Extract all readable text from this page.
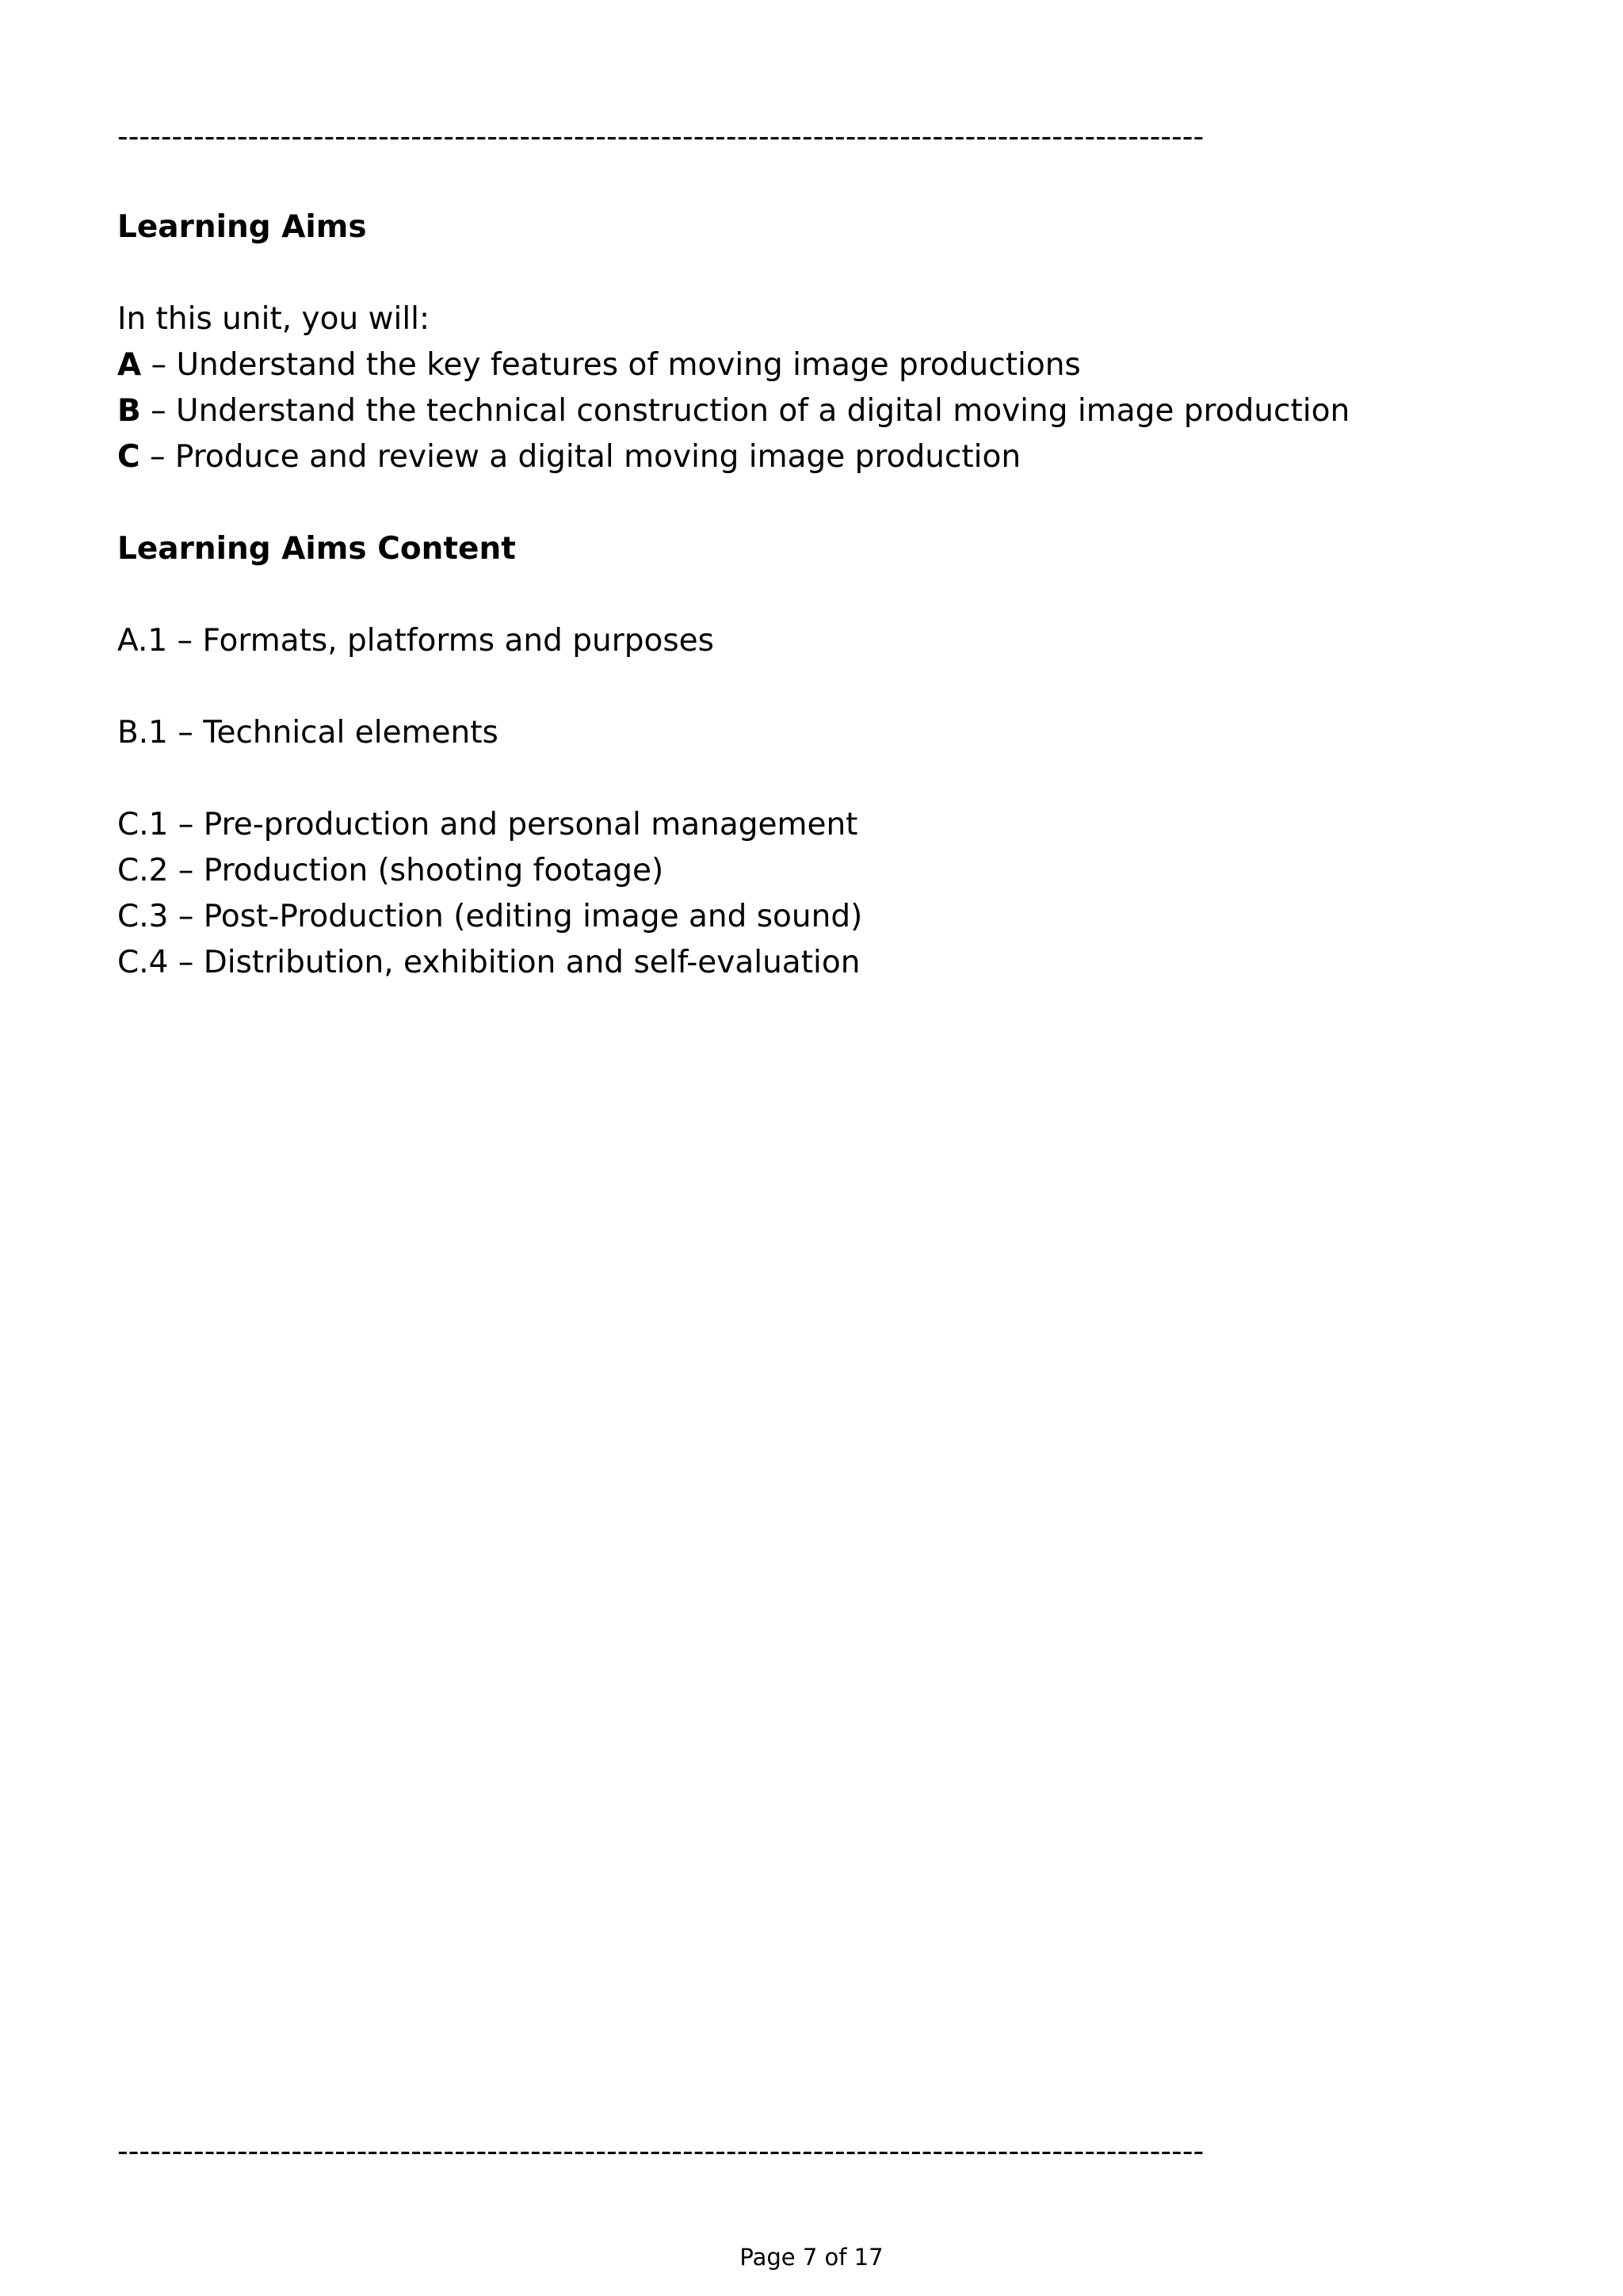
----------------------------------------------------------------------------------------------------

Learning Aims

In this unit, you will:

A – Understand the key features of moving image productions

B – Understand the technical construction of a digital moving image production

C – Produce and review a digital moving image production

Learning Aims Content

A.1 – Formats, platforms and purposes

B.1 – Technical elements

C.1 – Pre-production and personal management

C.2 – Production (shooting footage)

C.3 – Post-Production (editing image and sound)

C.4 – Distribution, exhibition and self-evaluation

----------------------------------------------------------------------------------------------------
Page 7 of 17
